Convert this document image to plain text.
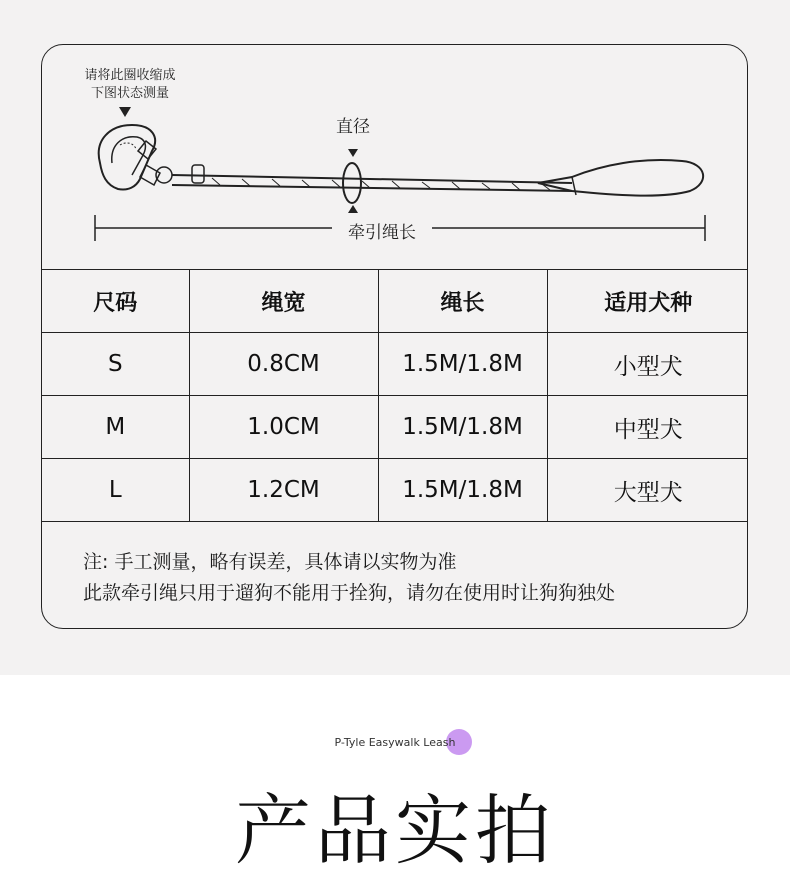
请将此圈收缩成
下图状态测量
直径
牵引绳长
尺码	绳宽	绳长	适用犬种
S	0.8CM	1.5M/1.8M	小型犬
M	1.0CM	1.5M/1.8M	中型犬
L	1.2CM	1.5M/1.8M	大型犬
注: 手工测量，略有误差，具体请以实物为准
此款牵引绳只用于遛狗不能用于拴狗，请勿在使用时让狗狗独处
P-Tyle Easywalk Leash
产品实拍
